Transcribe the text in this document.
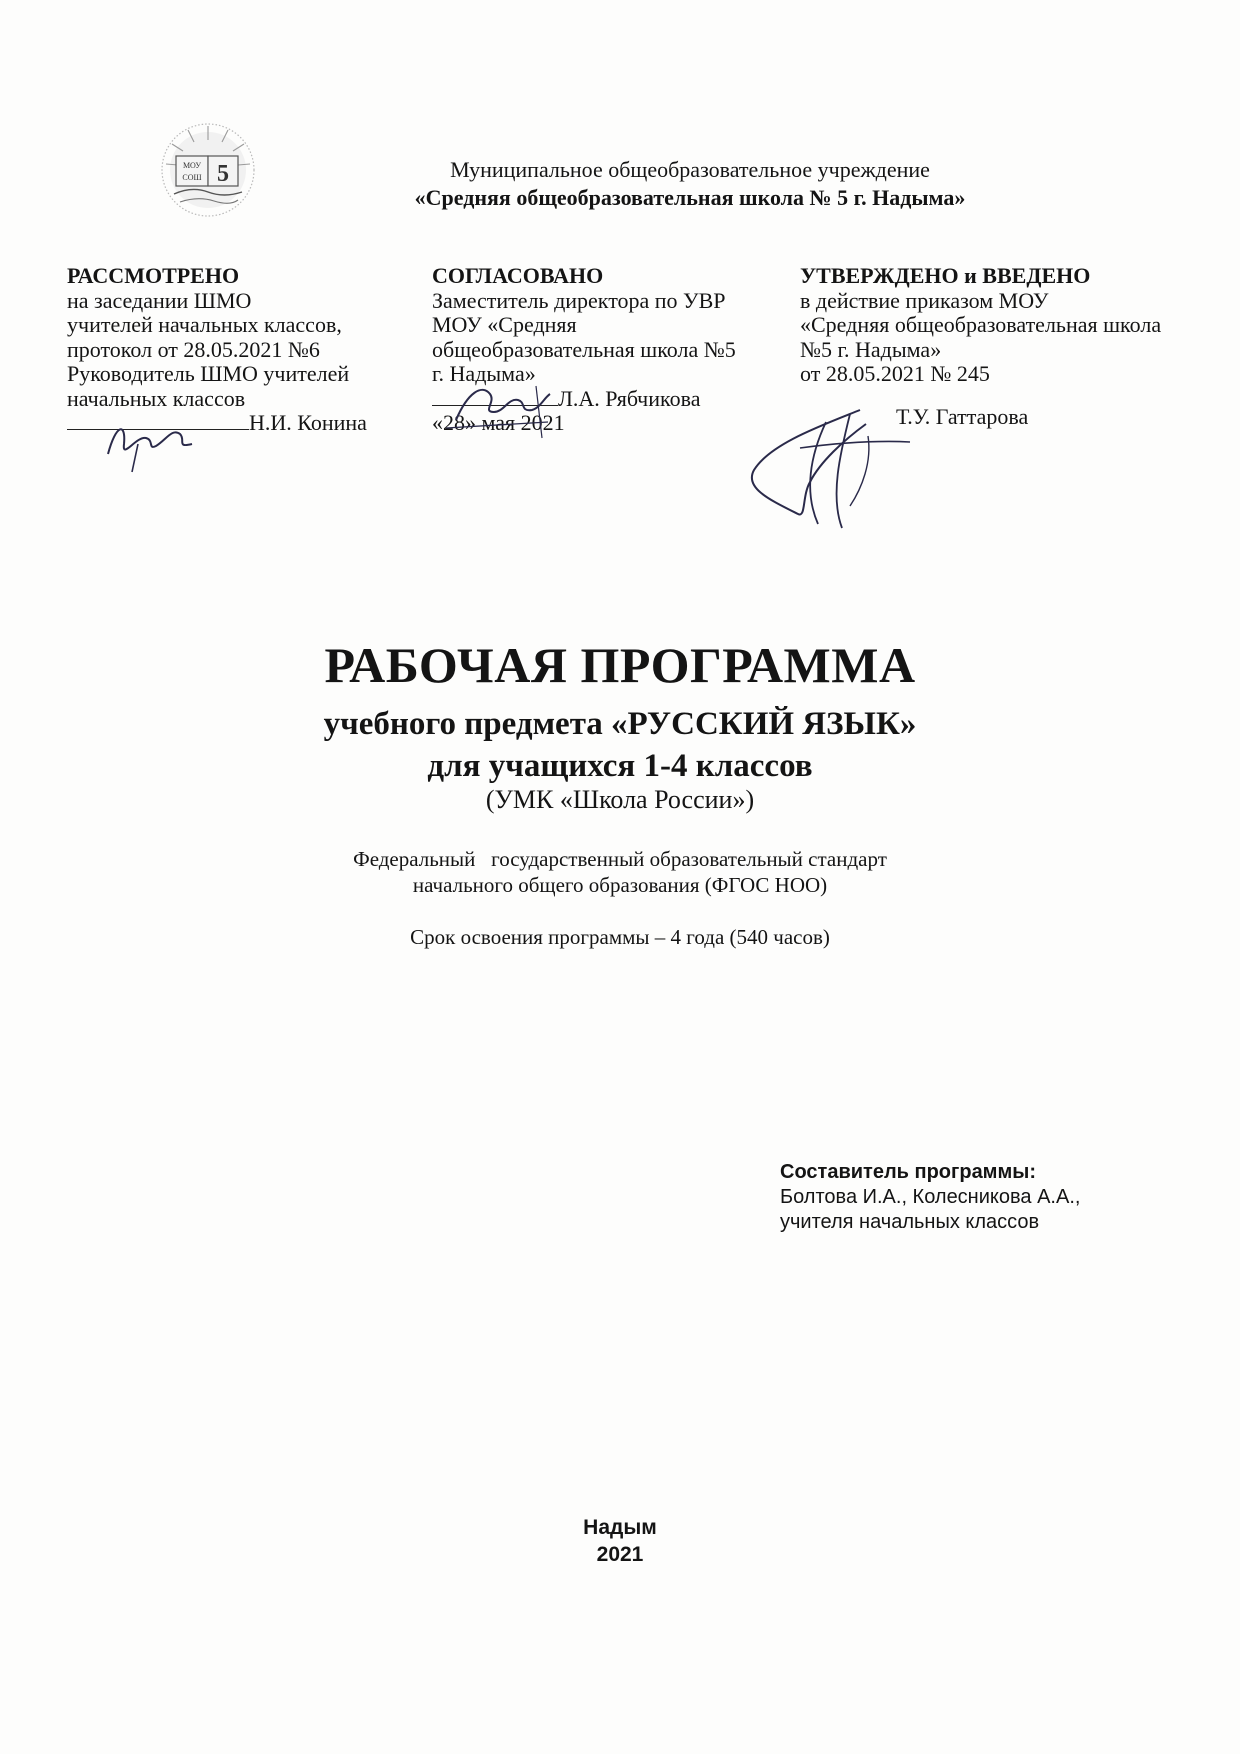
МОУ
СОШ 5	Муниципальное общеобразовательное учреждение
«Средняя общеобразовательная школа № 5 г. Надыма»
РАССМОТРЕНО
на заседании ШМО
учителей начальных классов,
протокол от 28.05.2021 №6
Руководитель ШМО учителей
начальных классов
Н.И. Конина
СОГЛАСОВАНО
Заместитель директора по УВР
МОУ «Средняя
общеобразовательная школа №5
г. Надыма»
Л.А. Рябчикова
«28» мая 2021
УТВЕРЖДЕНО и ВВЕДЕНО
в действие приказом МОУ
«Средняя общеобразовательная школа
№5 г. Надыма»
от 28.05.2021 № 245
Т.У. Гаттарова
РАБОЧАЯ ПРОГРАММА
учебного предмета «РУССКИЙ ЯЗЫК»
для учащихся 1-4 классов
(УМК «Школа России»)
Федеральный   государственный образовательный стандарт
начального общего образования (ФГОС НОО)
Срок освоения программы – 4 года (540 часов)
Составитель программы:
Болтова И.А., Колесникова А.А.,
учителя начальных классов
Надым
2021
